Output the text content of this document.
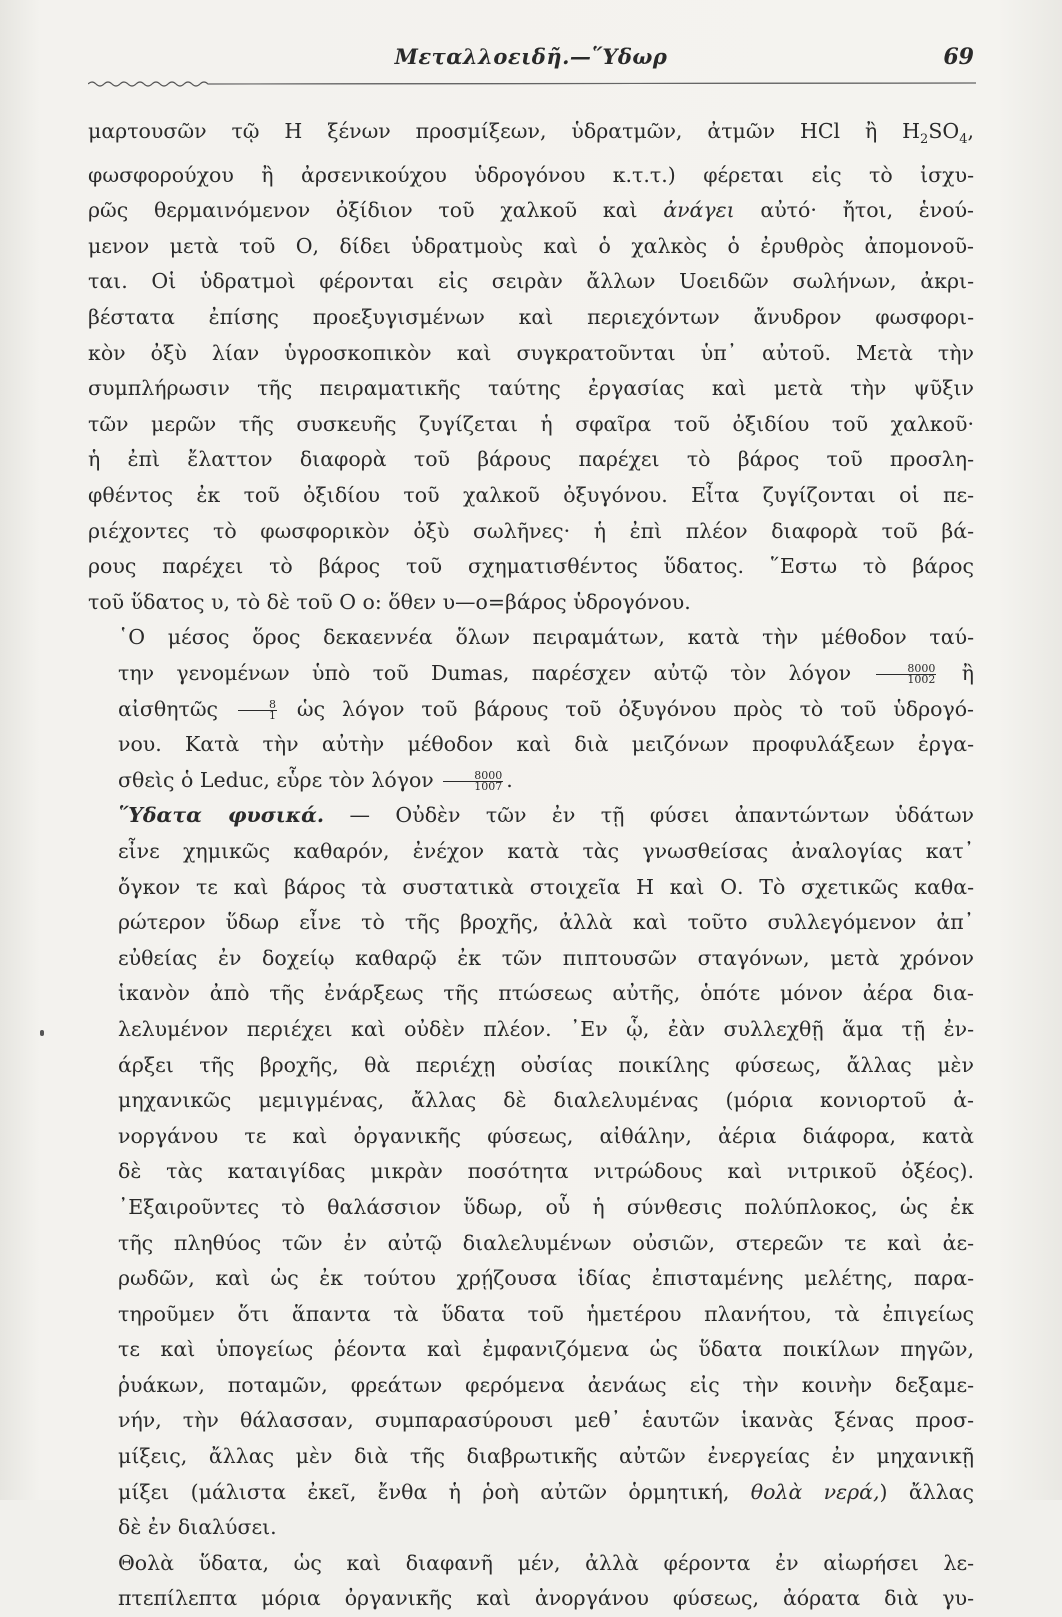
Μεταλλοειδῆ.—῞Υδωρ	69

μαρτουσῶν τῷ Η ξένων προσμίξεων, ὑδρατμῶν, ἀτμῶν HCl ἢ $H_2SO_4$,
φωσφορούχου ἢ ἀρσενικούχου ὑδρογόνου κ.τ.τ.) φέρεται εἰς τὸ ἰσχυ-
ρῶς θερμαινόμενον ὀξίδιον τοῦ χαλκοῦ καὶ ἀνάγει αὐτό· ἤτοι, ἑνού-
μενον μετὰ τοῦ Ο, δίδει ὑδρατμοὺς καὶ ὁ χαλκὸς ὁ ἐρυθρὸς ἀπομονοῦ-
ται. Οἱ ὑδρατμοὶ φέρονται εἰς σειρὰν ἄλλων Uοειδῶν σωλήνων, ἀκρι-
βέστατα ἐπίσης προεξυγισμένων καὶ περιεχόντων ἄνυδρον φωσφορι-
κὸν ὀξὺ λίαν ὑγροσκοπικὸν καὶ συγκρατοῦνται ὑπ᾿ αὐτοῦ. Μετὰ τὴν
συμπλήρωσιν τῆς πειραματικῆς ταύτης ἐργασίας καὶ μετὰ τὴν ψῦξιν
τῶν μερῶν τῆς συσκευῆς ζυγίζεται ἡ σφαῖρα τοῦ ὀξιδίου τοῦ χαλκοῦ·
ἡ ἐπὶ ἔλαττον διαφορὰ τοῦ βάρους παρέχει τὸ βάρος τοῦ προσλη-
φθέντος ἐκ τοῦ ὀξιδίου τοῦ χαλκοῦ ὀξυγόνου. Εἶτα ζυγίζονται οἱ πε-
ριέχοντες τὸ φωσφορικὸν ὀξὺ σωλῆνες· ἡ ἐπὶ πλέον διαφορὰ τοῦ βά-
ρους παρέχει τὸ βάρος τοῦ σχηματισθέντος ὕδατος. ῞Εστω τὸ βάρος
τοῦ ὕδατος υ, τὸ δὲ τοῦ Ο ο: ὅθεν υ—ο=βάρος ὑδρογόνου.

῾Ο μέσος ὅρος δεκαεννέα ὅλων πειραμάτων, κατὰ τὴν μέθοδον ταύ-
την γενομένων ὑπὸ τοῦ Dumas, παρέσχεν αὐτῷ τὸν λόγον $\frac{8000}{1002}$ ἢ
αἰσθητῶς $\frac{8}{1}$ ὡς λόγον τοῦ βάρους τοῦ ὀξυγόνου πρὸς τὸ τοῦ ὑδρογό-
νου. Κατὰ τὴν αὐτὴν μέθοδον καὶ διὰ μειζόνων προφυλάξεων ἐργα-
σθεὶς ὁ Leduc, εὗρε τὸν λόγον $\frac{8000}{1007}$ .

῞Υδατα φυσικά. — Οὐδὲν τῶν ἐν τῇ φύσει ἀπαντώντων ὑδάτων
εἶνε χημικῶς καθαρόν, ἐνέχον κατὰ τὰς γνωσθείσας ἀναλογίας κατ᾿
ὄγκον τε καὶ βάρος τὰ συστατικὰ στοιχεῖα Η καὶ Ο. Τὸ σχετικῶς καθα-
ρώτερον ὕδωρ εἶνε τὸ τῆς βροχῆς, ἀλλὰ καὶ τοῦτο συλλεγόμενον ἀπ᾿
εὐθείας ἐν δοχείῳ καθαρῷ ἐκ τῶν πιπτουσῶν σταγόνων, μετὰ χρόνον
ἱκανὸν ἀπὸ τῆς ἐνάρξεως τῆς πτώσεως αὐτῆς, ὁπότε μόνον ἀέρα δια-
λελυμένον περιέχει καὶ οὐδὲν πλέον. ᾿Εν ᾧ, ἐὰν συλλεχθῇ ἅμα τῇ ἐν-
άρξει τῆς βροχῆς, θὰ περιέχῃ οὐσίας ποικίλης φύσεως, ἄλλας μὲν
μηχανικῶς μεμιγμένας, ἄλλας δὲ διαλελυμένας (μόρια κονιορτοῦ ἀ-
νοργάνου τε καὶ ὀργανικῆς φύσεως, αἰθάλην, ἀέρια διάφορα, κατὰ
δὲ τὰς καταιγίδας μικρὰν ποσότητα νιτρώδους καὶ νιτρικοῦ ὀξέος).
᾿Εξαιροῦντες τὸ θαλάσσιον ὕδωρ, οὗ ἡ σύνθεσις πολύπλοκος, ὡς ἐκ
τῆς πληθύος τῶν ἐν αὐτῷ διαλελυμένων οὐσιῶν, στερεῶν τε καὶ ἀε-
ρωδῶν, καὶ ὡς ἐκ τούτου χρῄζουσα ἰδίας ἐπισταμένης μελέτης, παρα-
τηροῦμεν ὅτι ἅπαντα τὰ ὕδατα τοῦ ἡμετέρου πλανήτου, τὰ ἐπιγείως
τε καὶ ὑπογείως ῥέοντα καὶ ἐμφανιζόμενα ὡς ὕδατα ποικίλων πηγῶν,
ῥυάκων, ποταμῶν, φρεάτων φερόμενα ἀενάως εἰς τὴν κοινὴν δεξαμε-
νήν, τὴν θάλασσαν, συμπαρασύρουσι μεθ᾿ ἑαυτῶν ἱκανὰς ξένας προσ-
μίξεις, ἄλλας μὲν διὰ τῆς διαβρωτικῆς αὐτῶν ἐνεργείας ἐν μηχανικῇ
μίξει (μάλιστα ἐκεῖ, ἔνθα ἡ ῥοὴ αὐτῶν ὁρμητική, θολὰ νερά,) ἄλλας
δὲ ἐν διαλύσει.

Θολὰ ὕδατα, ὡς καὶ διαφανῆ μέν, ἀλλὰ φέροντα ἐν αἰωρήσει λε-
πτεπίλεπτα μόρια ὀργανικῆς καὶ ἀνοργάνου φύσεως, ἀόρατα διὰ γυ-
